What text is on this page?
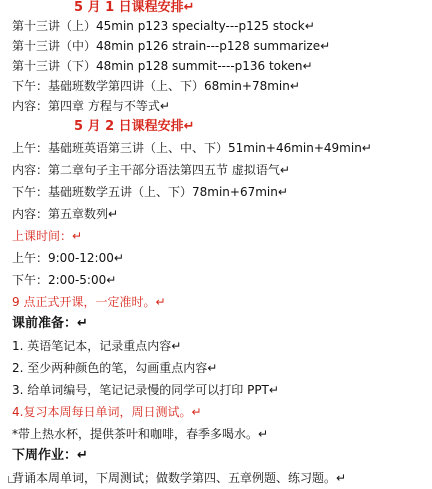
5 月 1 日课程安排↵
第十三讲（上）45min p123 specialty---p125 stock↵
第十三讲（中）48min p126 strain---p128 summarize↵
第十三讲（下）48min p128 summit----p136 token↵
下午：基础班数学第四讲（上、下）68min+78min↵
内容：第四章 方程与不等式↵
5 月 2 日课程安排↵
上午：基础班英语第三讲（上、中、下）51min+46min+49min↵
内容：第二章句子主干部分语法第四五节 虚拟语气↵
下午：基础班数学五讲（上、下）78min+67min↵
内容：第五章数列↵
上课时间：↵
上午：9:00-12:00↵
下午：2:00-5:00↵
9 点正式开课，一定准时。↵
课前准备：↵
1. 英语笔记本，记录重点内容↵
2. 至少两种颜色的笔，勾画重点内容↵
3. 给单词编号，笔记记录慢的同学可以打印 PPT↵
4.复习本周每日单词，周日测试。↵
*带上热水杯，提供茶叶和咖啡，春季多喝水。↵
下周作业：↵
背诵本周单词，下周测试；做数学第四、五章例题、练习题。↵
